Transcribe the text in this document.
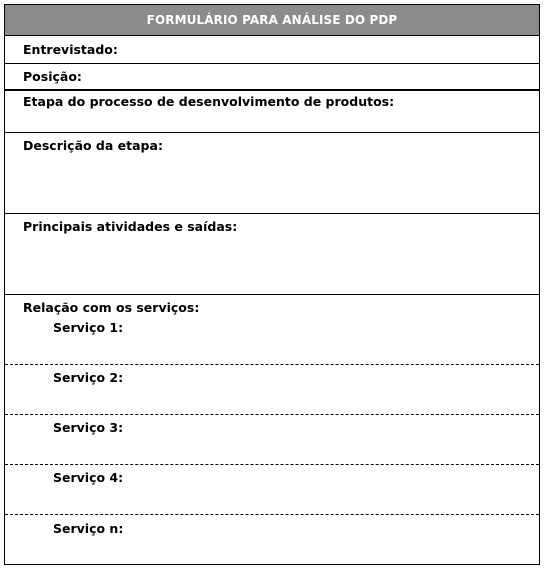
FORMULÁRIO PARA ANÁLISE DO PDP
Entrevistado:
Posição:
Etapa do processo de desenvolvimento de produtos:
Descrição da etapa:
Principais atividades e saídas:
Relação com os serviços:
Serviço 1:
Serviço 2:
Serviço 3:
Serviço 4:
Serviço n:
